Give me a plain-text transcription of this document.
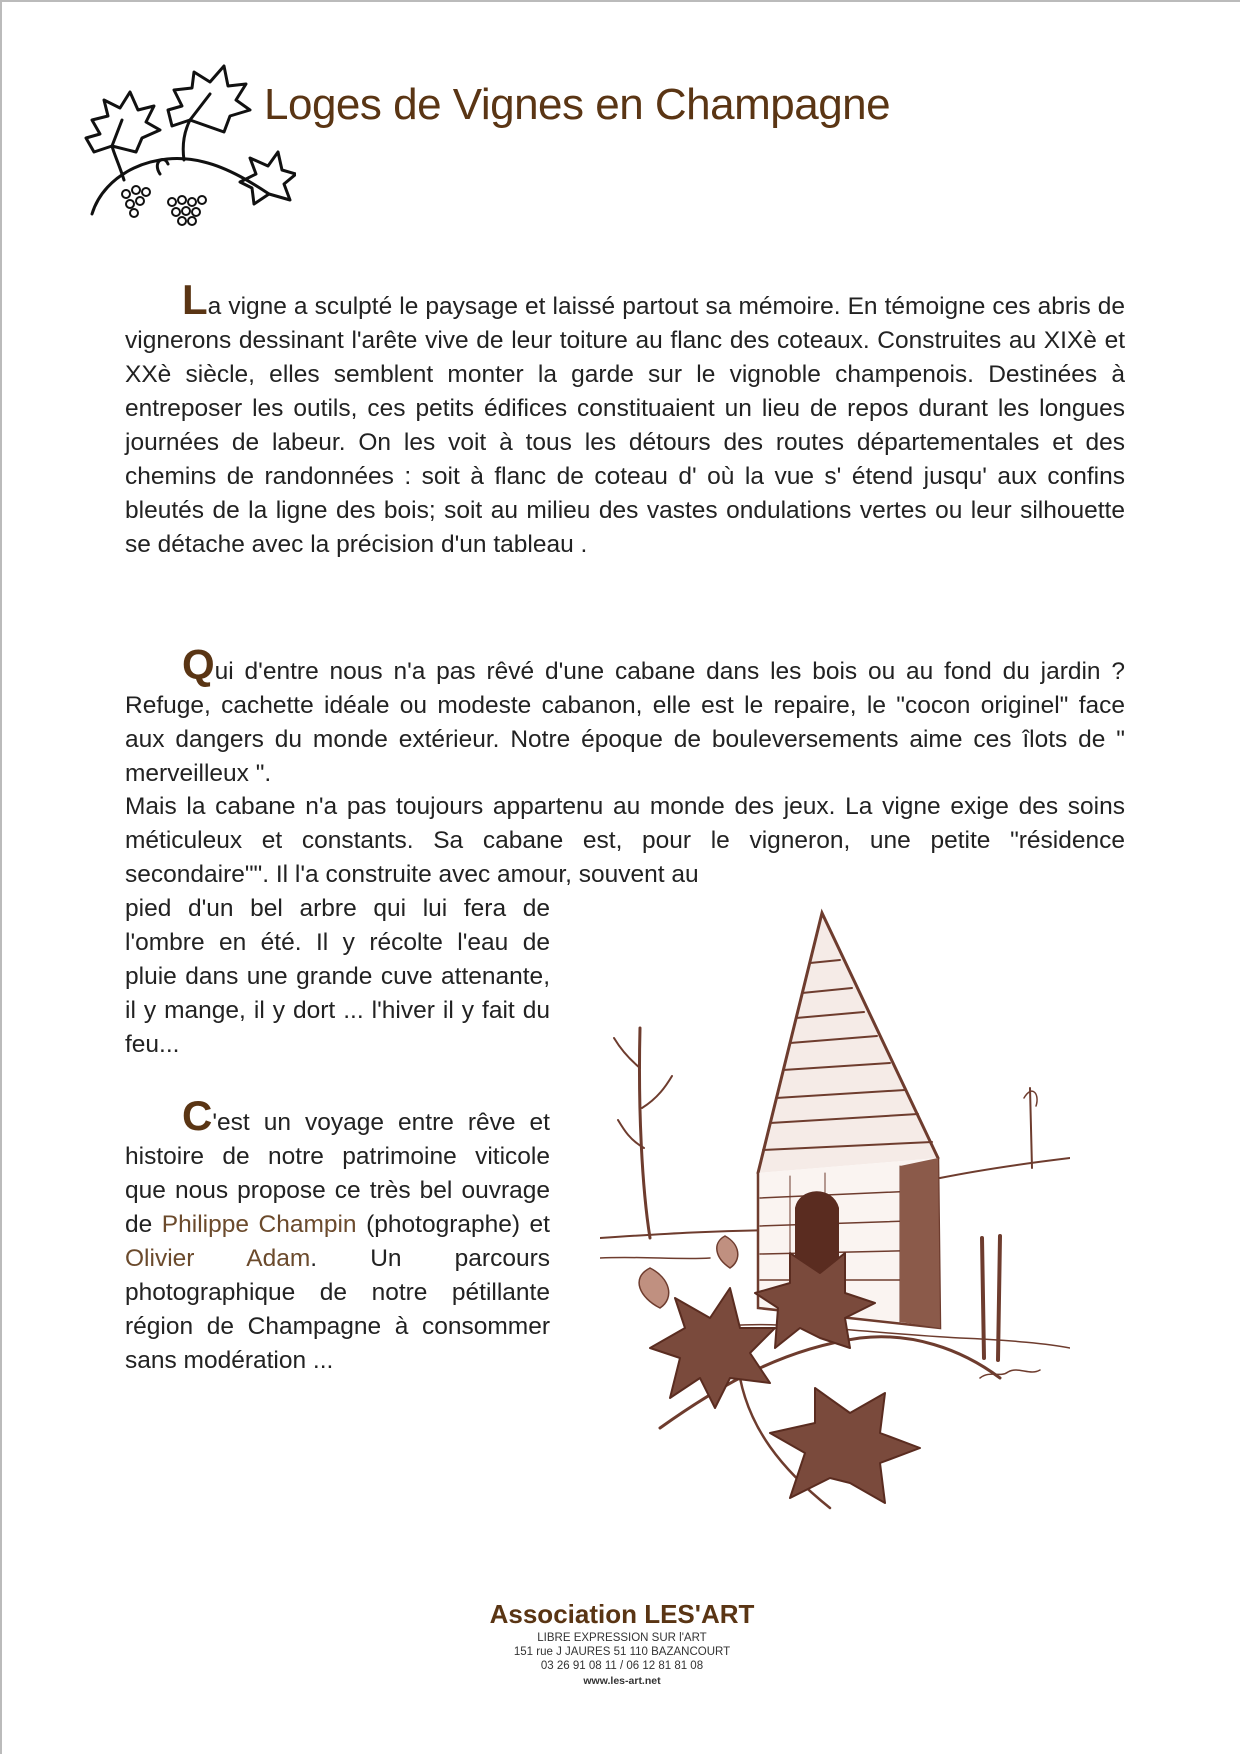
Loges de Vignes en Champagne

La vigne a sculpté le paysage et laissé partout sa mémoire. En témoigne ces abris de vignerons dessinant l'arête vive de leur toiture au flanc des coteaux. Construites au XIXè et XXè siècle, elles semblent monter la garde sur le vignoble champenois. Destinées à entreposer les outils, ces petits édifices constituaient un lieu de repos durant les longues journées de labeur. On les voit à tous les détours des routes départementales et des chemins de randonnées : soit à flanc de coteau d' où la vue s' étend jusqu' aux confins bleutés de la ligne des bois; soit au milieu des vastes ondulations vertes ou leur silhouette se détache avec la précision d'un tableau .

Qui d'entre nous n'a pas rêvé d'une cabane dans les bois ou au fond du jardin ? Refuge, cachette idéale ou modeste cabanon, elle est le repaire, le "cocon originel" face aux dangers du monde extérieur. Notre époque de bouleversements aime ces îlots de " merveilleux ".

Mais la cabane n'a pas toujours appartenu au monde des jeux. La vigne exige des soins méticuleux et constants. Sa cabane est, pour le vigneron, une petite "résidence secondaire"". Il l'a construite avec amour, souvent au

pied d'un bel arbre qui lui fera de l'ombre en été. Il y récolte l'eau de pluie dans une grande cuve attenante, il y mange, il y dort ... l'hiver il y fait du feu...

C'est un voyage entre rêve et histoire de notre patrimoine viticole que nous propose ce très bel ouvrage de Philippe Champin (photographe) et Olivier Adam. Un parcours photographique de notre pétillante région de Champagne à consommer sans modération ...

Association LES'ART

LIBRE EXPRESSION SUR l'ART

151 rue J JAURES 51 110 BAZANCOURT

03 26 91 08 11 / 06 12 81 81 08

www.les-art.net
